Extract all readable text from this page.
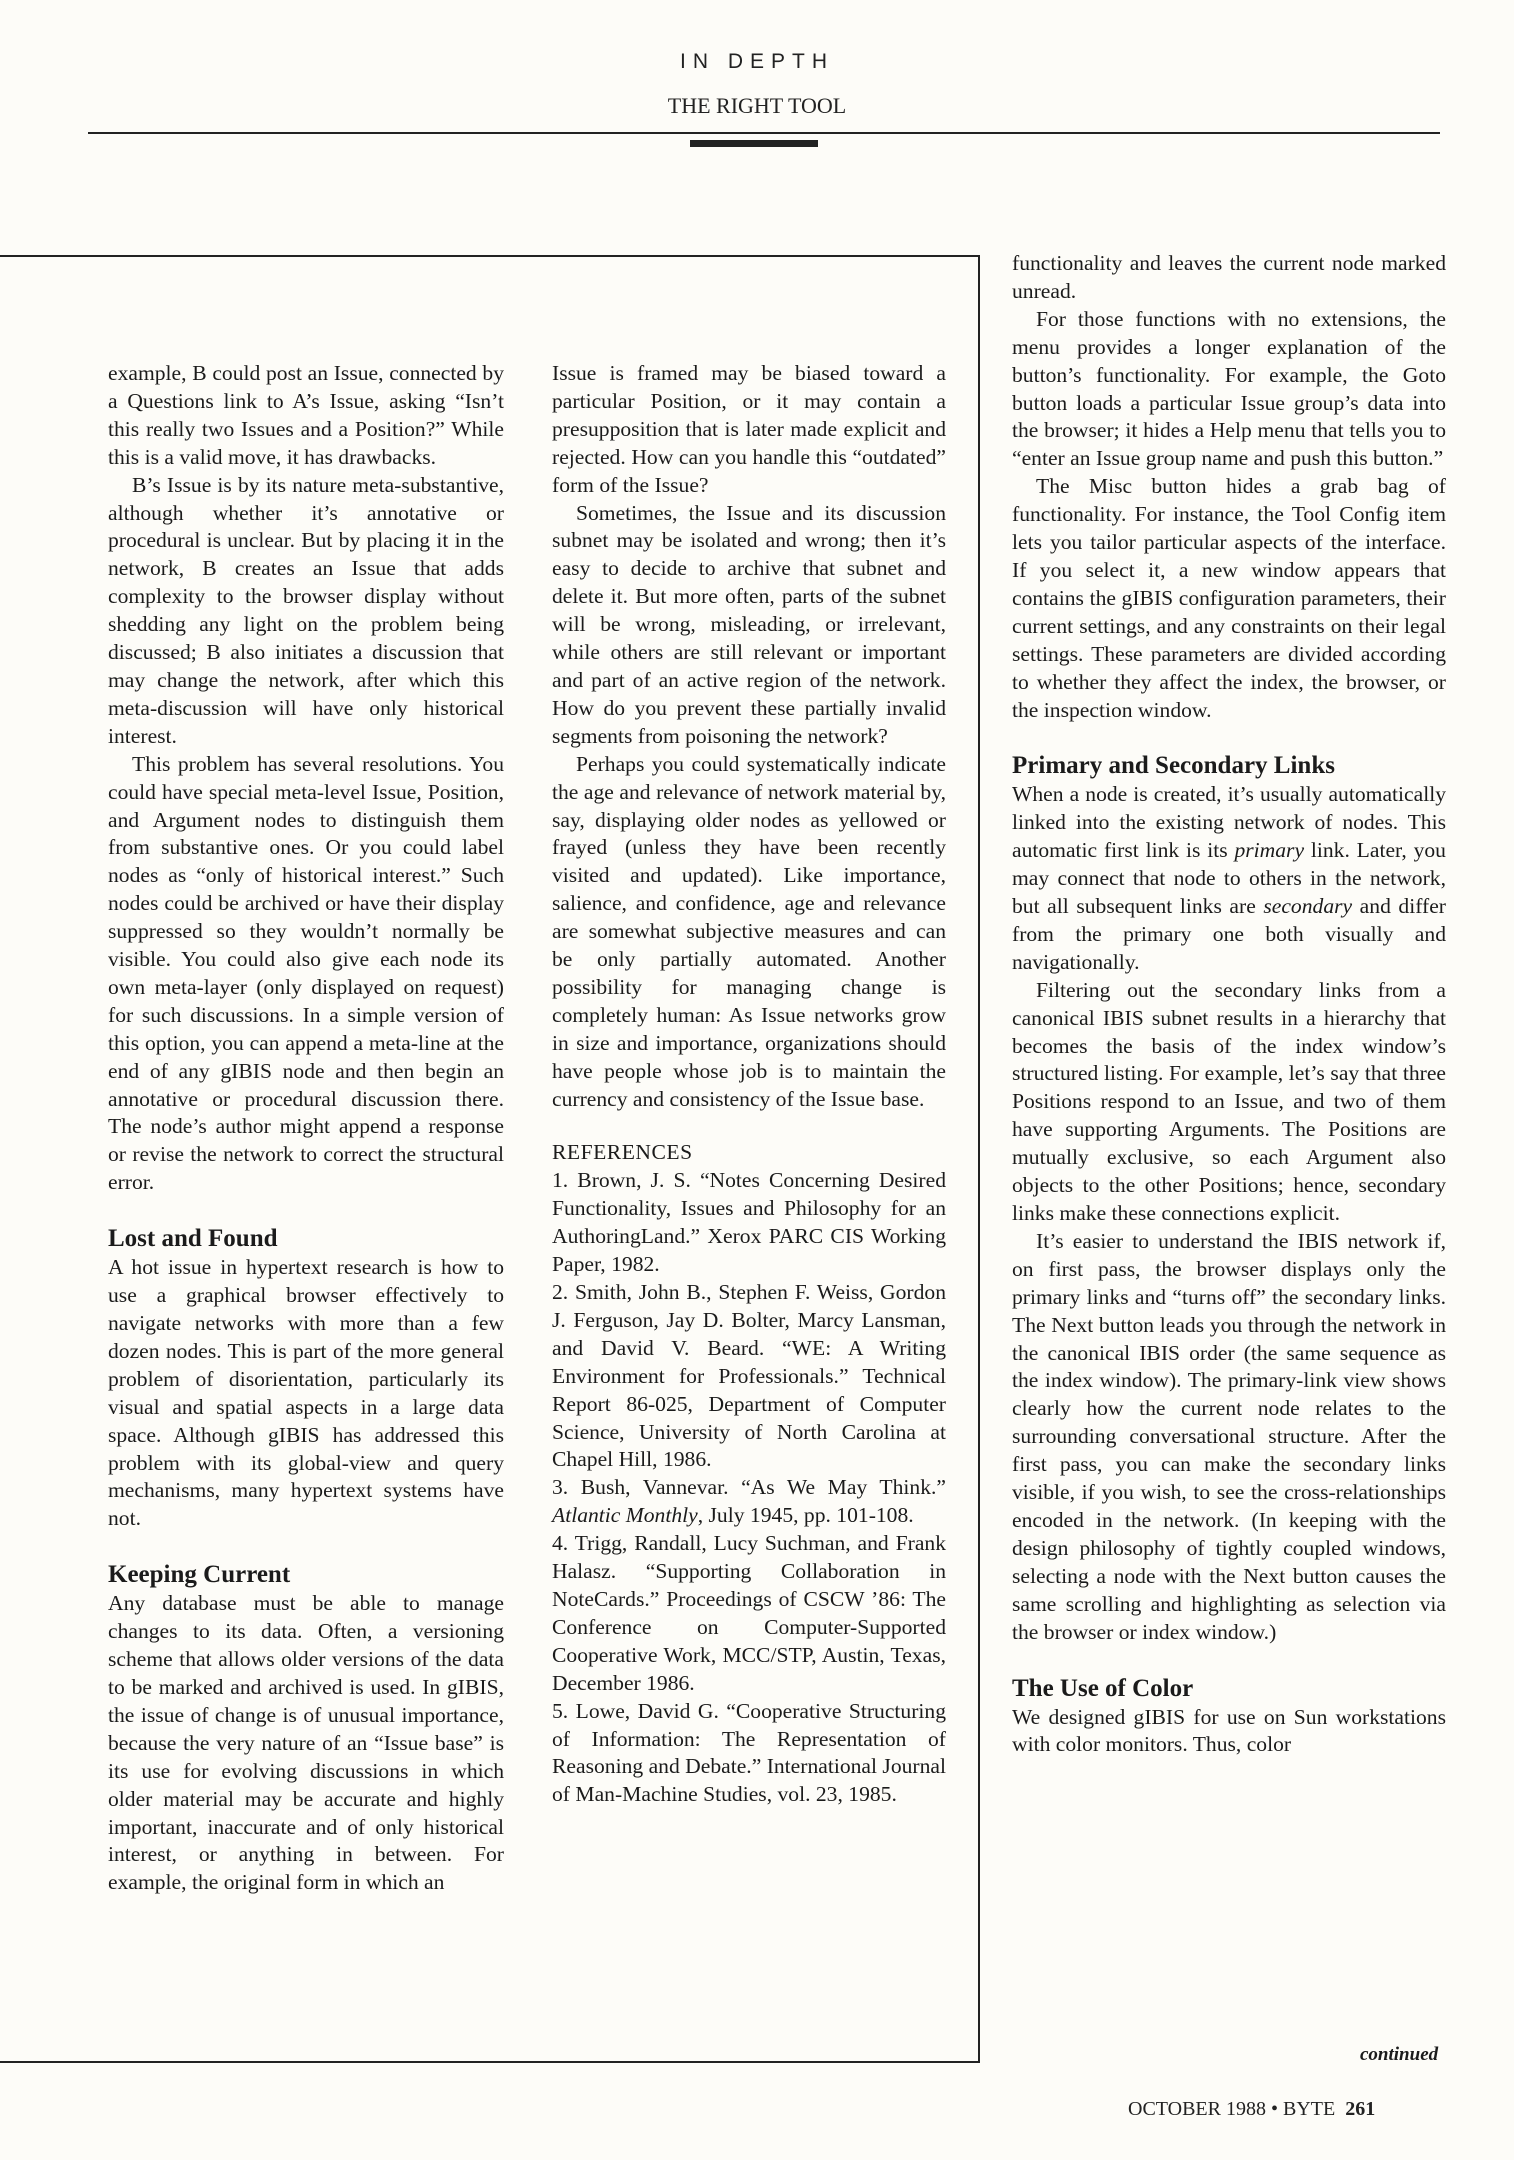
IN DEPTH
THE RIGHT TOOL

example, B could post an Issue, connected by a Questions link to A’s Issue, asking “Isn’t this really two Issues and a Position?” While this is a valid move, it has drawbacks.

B’s Issue is by its nature meta-substantive, although whether it’s annotative or procedural is unclear. But by placing it in the network, B creates an Issue that adds complexity to the browser display without shedding any light on the problem being discussed; B also initiates a discussion that may change the network, after which this meta-discussion will have only historical interest.

This problem has several resolutions. You could have special meta-level Issue, Position, and Argument nodes to distinguish them from substantive ones. Or you could label nodes as “only of historical interest.” Such nodes could be archived or have their display suppressed so they wouldn’t normally be visible. You could also give each node its own meta-layer (only displayed on request) for such discussions. In a simple version of this option, you can append a meta-line at the end of any gIBIS node and then begin an annotative or procedural discussion there. The node’s author might append a response or revise the network to correct the structural error.

Lost and Found

A hot issue in hypertext research is how to use a graphical browser effectively to navigate networks with more than a few dozen nodes. This is part of the more general problem of disorientation, particularly its visual and spatial aspects in a large data space. Although gIBIS has addressed this problem with its global-view and query mechanisms, many hypertext systems have not.

Keeping Current

Any database must be able to manage changes to its data. Often, a versioning scheme that allows older versions of the data to be marked and archived is used. In gIBIS, the issue of change is of unusual importance, because the very nature of an “Issue base” is its use for evolving discussions in which older material may be accurate and highly important, inaccurate and of only historical interest, or anything in between. For example, the original form in which an

Issue is framed may be biased toward a particular Position, or it may contain a presupposition that is later made explicit and rejected. How can you handle this “outdated” form of the Issue?

Sometimes, the Issue and its discussion subnet may be isolated and wrong; then it’s easy to decide to archive that subnet and delete it. But more often, parts of the subnet will be wrong, misleading, or irrelevant, while others are still relevant or important and part of an active region of the network. How do you prevent these partially invalid segments from poisoning the network?

Perhaps you could systematically indicate the age and relevance of network material by, say, displaying older nodes as yellowed or frayed (unless they have been recently visited and updated). Like importance, salience, and confidence, age and relevance are somewhat subjective measures and can be only partially automated. Another possibility for managing change is completely human: As Issue networks grow in size and importance, organizations should have people whose job is to maintain the currency and consistency of the Issue base.

REFERENCES

1. Brown, J. S. “Notes Concerning Desired Functionality, Issues and Philosophy for an AuthoringLand.” Xerox PARC CIS Working Paper, 1982.

2. Smith, John B., Stephen F. Weiss, Gordon J. Ferguson, Jay D. Bolter, Marcy Lansman, and David V. Beard. “WE: A Writing Environment for Professionals.” Technical Report 86-025, Department of Computer Science, University of North Carolina at Chapel Hill, 1986.

3. Bush, Vannevar. “As We May Think.” Atlantic Monthly, July 1945, pp. 101-108.

4. Trigg, Randall, Lucy Suchman, and Frank Halasz. “Supporting Collaboration in NoteCards.” Proceedings of CSCW ’86: The Conference on Computer-Supported Cooperative Work, MCC/STP, Austin, Texas, December 1986.

5. Lowe, David G. “Cooperative Structuring of Information: The Representation of Reasoning and Debate.” International Journal of Man-Machine Studies, vol. 23, 1985.

functionality and leaves the current node marked unread.

For those functions with no extensions, the menu provides a longer explanation of the button’s functionality. For example, the Goto button loads a particular Issue group’s data into the browser; it hides a Help menu that tells you to “enter an Issue group name and push this button.”

The Misc button hides a grab bag of functionality. For instance, the Tool Config item lets you tailor particular aspects of the interface. If you select it, a new window appears that contains the gIBIS configuration parameters, their current settings, and any constraints on their legal settings. These parameters are divided according to whether they affect the index, the browser, or the inspection window.

Primary and Secondary Links

When a node is created, it’s usually automatically linked into the existing network of nodes. This automatic first link is its primary link. Later, you may connect that node to others in the network, but all subsequent links are secondary and differ from the primary one both visually and navigationally.

Filtering out the secondary links from a canonical IBIS subnet results in a hierarchy that becomes the basis of the index window’s structured listing. For example, let’s say that three Positions respond to an Issue, and two of them have supporting Arguments. The Positions are mutually exclusive, so each Argument also objects to the other Positions; hence, secondary links make these connections explicit.

It’s easier to understand the IBIS network if, on first pass, the browser displays only the primary links and “turns off” the secondary links. The Next button leads you through the network in the canonical IBIS order (the same sequence as the index window). The primary-link view shows clearly how the current node relates to the surrounding conversational structure. After the first pass, you can make the secondary links visible, if you wish, to see the cross-relationships encoded in the network. (In keeping with the design philosophy of tightly coupled windows, selecting a node with the Next button causes the same scrolling and highlighting as selection via the browser or index window.)

The Use of Color

We designed gIBIS for use on Sun workstations with color monitors. Thus, color

continued
OCTOBER 1988 • BYTE 261
